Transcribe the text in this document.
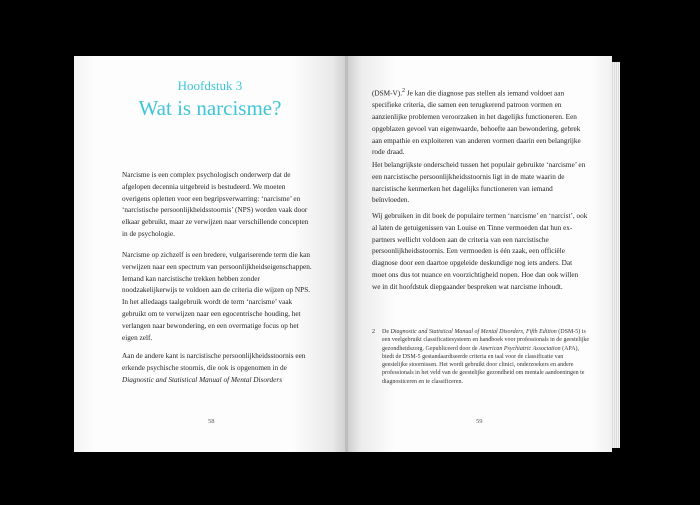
Hoofdstuk 3
Wat is narcisme?

Narcisme is een complex psychologisch onderwerp dat de afgelopen decennia uitgebreid is bestudeerd. We moeten overigens opletten voor een begripsverwarring: ‘narcisme’ en ‘narcistische persoonlijkheidsstoornis’ (NPS) worden vaak door elkaar gebruikt, maar ze verwijzen naar verschillende concepten in de psychologie.

Narcisme op zichzelf is een bredere, vulgariserende term die kan verwijzen naar een spectrum van persoonlijkheidseigenschappen. Iemand kan narcistische trekken hebben zonder noodzakelijkerwijs te voldoen aan de criteria die wijzen op NPS. In het alledaags taalgebruik wordt de term ‘narcisme’ vaak gebruikt om te verwijzen naar een egocentrische houding, het verlangen naar bewondering, en een overmatige focus op het eigen zelf.

Aan de andere kant is narcistische persoonlijkheidsstoornis een erkende psychische stoornis, die ook is opgenomen in de Diagnostic and Statistical Manual of Mental Disorders

58

(DSM-V).$^2$ Je kan die diagnose pas stellen als iemand voldoet aan specifieke criteria, die samen een terugkerend patroon vormen en aanzienlijke problemen veroorzaken in het dagelijks functioneren. Een opgeblazen gevoel van eigenwaarde, behoefte aan bewondering, gebrek aan empathie en exploiteren van anderen vormen daarin een belangrijke rode draad.

Het belangrijkste onderscheid tussen het populair gebruikte ‘narcisme’ en een narcistische persoonlijkheidsstoornis ligt in de mate waarin de narcistische kenmerken het dagelijks functioneren van iemand beïnvloeden.

Wij gebruiken in dit boek de populaire termen ‘narcisme’ en ‘narcist’, ook al laten de getuigenissen van Louise en Tinne vermoeden dat hun ex-partners wellicht voldoen aan de criteria van een narcistische persoonlijkheidsstoornis. Een vermoeden is één zaak, een officiële diagnose door een daartoe opgeleide deskundige nog iets anders. Dat moet ons dus tot nuance en voorzichtigheid nopen. Hoe dan ook willen we in dit hoofdstuk diepgaander bespreken wat narcisme inhoudt.

2 De Diagnostic and Statistical Manual of Mental Disorders, Fifth Edition (DSM-5) is een veelgebruikt classificatiesysteem en handboek voor professionals in de geestelijke gezondheidszorg. Gepubliceerd door de American Psychiatric Association (APA), biedt de DSM-5 gestandaardiseerde criteria en taal voor de classificatie van geestelijke stoornissen. Het wordt gebruikt door clinici, onderzoekers en andere professionals in het veld van de geestelijke gezondheid om mentale aandoeningen te diagnosticeren en te classificeren.
59
